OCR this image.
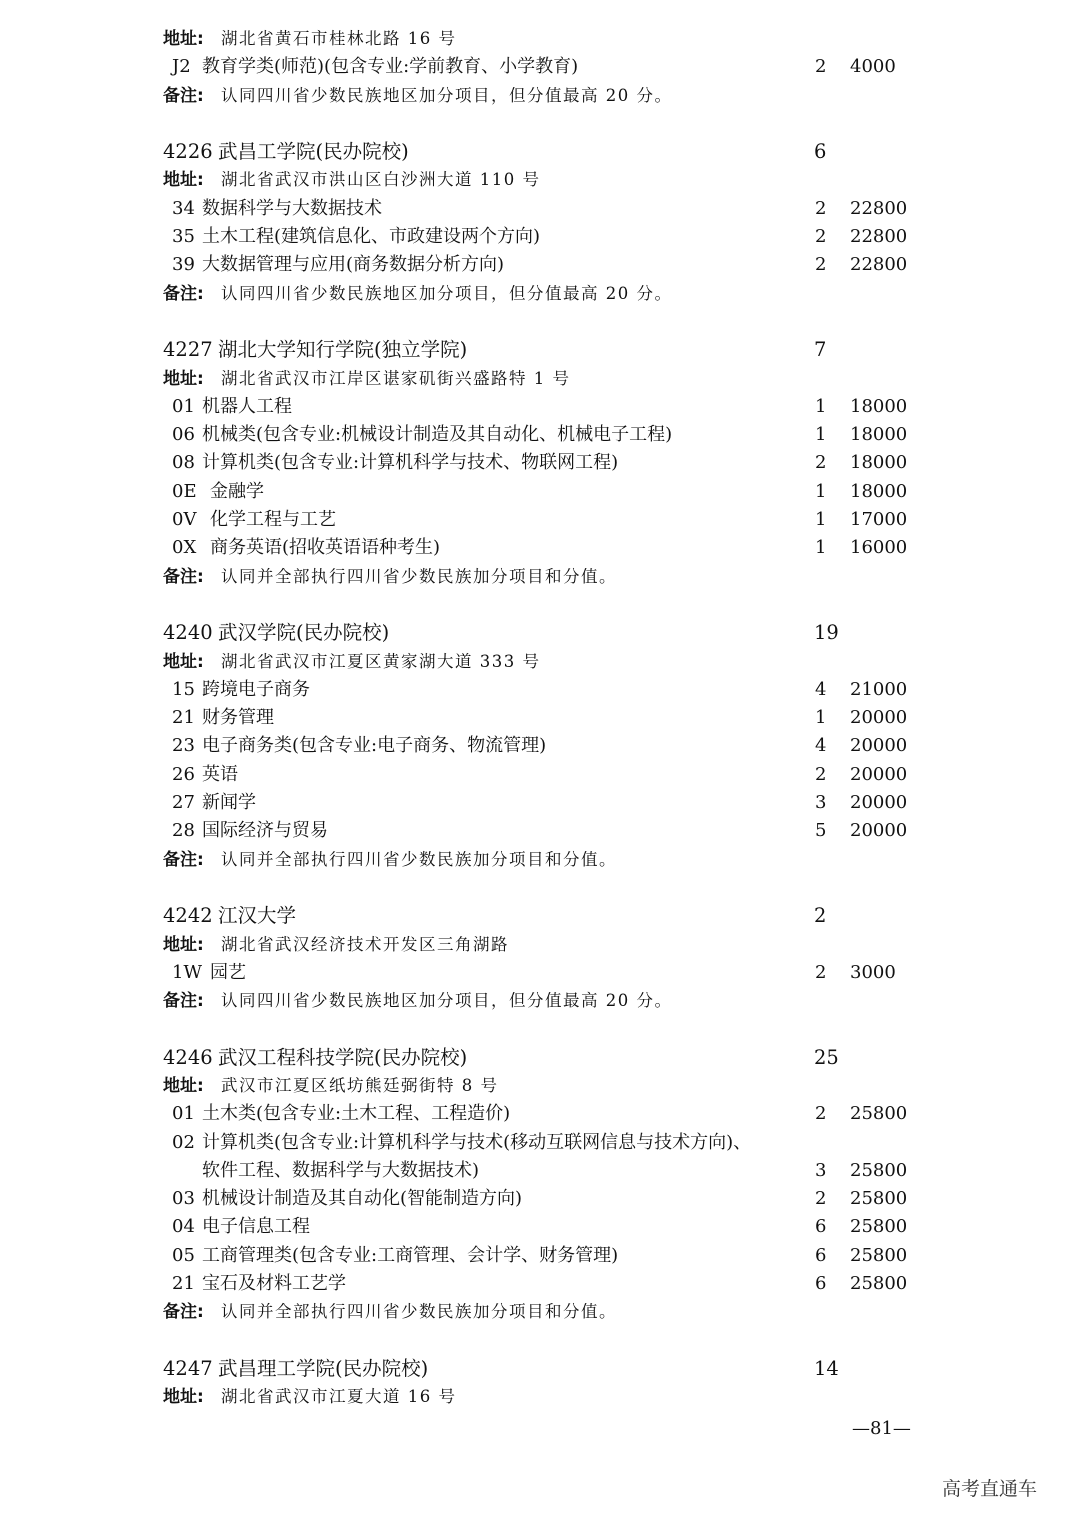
地址: 湖北省黄石市桂林北路 16 号
J2 教育学类(师范)(包含专业:学前教育、小学教育)	2 4000
备注: 认同四川省少数民族地区加分项目，但分值最高 20 分。
4226 武昌工学院(民办院校)	6
地址: 湖北省武汉市洪山区白沙洲大道 110 号
34 数据科学与大数据技术	2 22800
35 土木工程(建筑信息化、市政建设两个方向)	2 22800
39 大数据管理与应用(商务数据分析方向)	2 22800
备注: 认同四川省少数民族地区加分项目，但分值最高 20 分。
4227 湖北大学知行学院(独立学院)	7
地址: 湖北省武汉市江岸区谌家矶街兴盛路特 1 号
01 机器人工程	1 18000
06 机械类(包含专业:机械设计制造及其自动化、机械电子工程)	1 18000
08 计算机类(包含专业:计算机科学与技术、物联网工程)	2 18000
0E 金融学	1 18000
0V 化学工程与工艺	1 17000
0X 商务英语(招收英语语种考生)	1 16000
备注: 认同并全部执行四川省少数民族加分项目和分值。
4240 武汉学院(民办院校)	19
地址: 湖北省武汉市江夏区黄家湖大道 333 号
15 跨境电子商务	4 21000
21 财务管理	1 20000
23 电子商务类(包含专业:电子商务、物流管理)	4 20000
26 英语	2 20000
27 新闻学	3 20000
28 国际经济与贸易	5 20000
备注: 认同并全部执行四川省少数民族加分项目和分值。
4242 江汉大学	2
地址: 湖北省武汉经济技术开发区三角湖路
1W 园艺	2 3000
备注: 认同四川省少数民族地区加分项目，但分值最高 20 分。
4246 武汉工程科技学院(民办院校)	25
地址: 武汉市江夏区纸坊熊廷弼街特 8 号
01 土木类(包含专业:土木工程、工程造价)	2 25800
02 计算机类(包含专业:计算机科学与技术(移动互联网信息与技术方向)、
软件工程、数据科学与大数据技术)	3 25800
03 机械设计制造及其自动化(智能制造方向)	2 25800
04 电子信息工程	6 25800
05 工商管理类(包含专业:工商管理、会计学、财务管理)	6 25800
21 宝石及材料工艺学	6 25800
备注: 认同并全部执行四川省少数民族加分项目和分值。
4247 武昌理工学院(民办院校)	14
地址: 湖北省武汉市江夏大道 16 号
—81—
高考直通车
